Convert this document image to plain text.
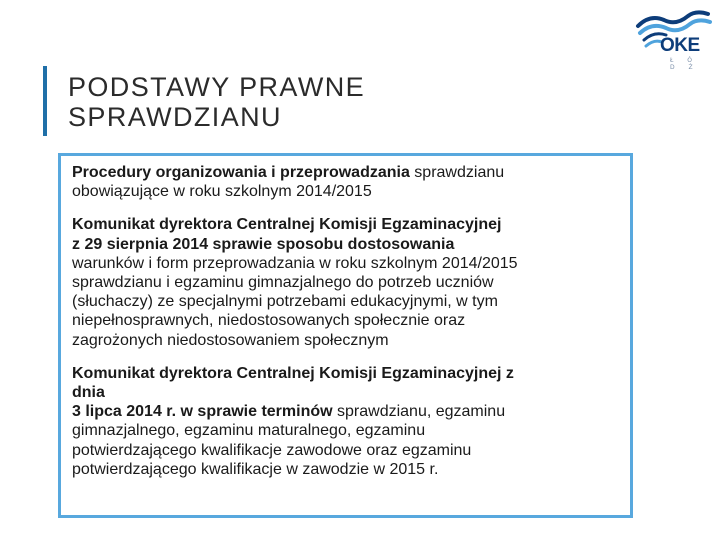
PODSTAWY PRAWNE
SPRAWDZIANU
OKE
Ł Ó D Ź
Procedury organizowania i przeprowadzania sprawdzianu
obowiązujące w roku szkolnym 2014/2015
Komunikat dyrektora Centralnej Komisji Egzaminacyjnej
z 29 sierpnia 2014 sprawie sposobu dostosowania
warunków i form przeprowadzania w roku szkolnym 2014/2015
sprawdzianu i egzaminu gimnazjalnego do potrzeb uczniów
(słuchaczy) ze specjalnymi potrzebami edukacyjnymi, w tym
niepełnosprawnych, niedostosowanych społecznie oraz
zagrożonych niedostosowaniem społecznym
Komunikat dyrektora Centralnej Komisji Egzaminacyjnej z
dnia
3 lipca 2014 r. w sprawie terminów sprawdzianu, egzaminu
gimnazjalnego, egzaminu maturalnego, egzaminu
potwierdzającego kwalifikacje zawodowe oraz egzaminu
potwierdzającego kwalifikacje w zawodzie w 2015 r.
